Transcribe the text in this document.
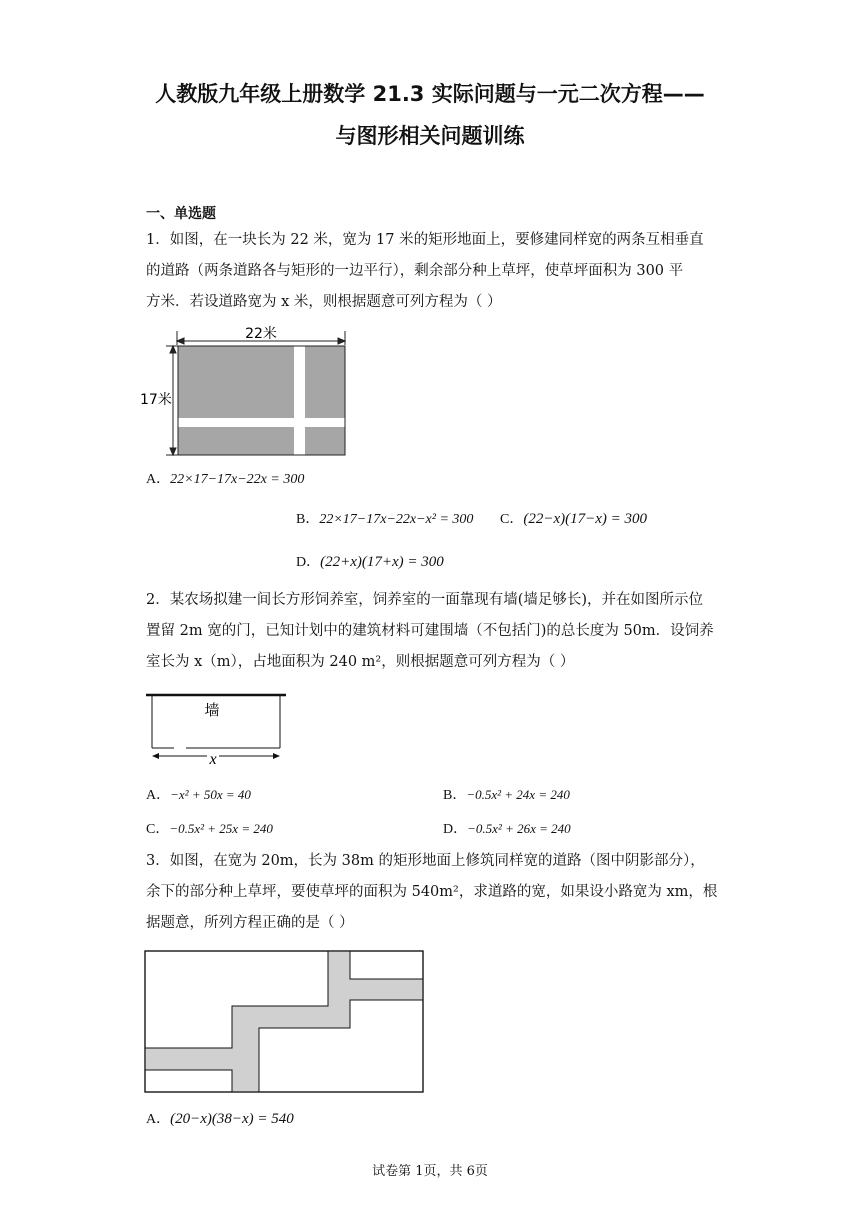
人教版九年级上册数学 21.3 实际问题与一元二次方程——
与图形相关问题训练
一、单选题
1．如图，在一块长为 22 米，宽为 17 米的矩形地面上，要修建同样宽的两条互相垂直
的道路（两条道路各与矩形的一边平行），剩余部分种上草坪，使草坪面积为 300 平
方米．若设道路宽为 x 米，则根据题意可列方程为（ ）
22米
17米
A．22×17−17x−22x = 300
B．22×17−17x−22x−x² = 300 C．(22−x)(17−x) = 300
D．(22+x)(17+x) = 300
2．某农场拟建一间长方形饲养室，饲养室的一面靠现有墙(墙足够长)，并在如图所示位
置留 2m 宽的门，已知计划中的建筑材料可建围墙（不包括门)的总长度为 50m．设饲养
室长为 x（m），占地面积为 240 m²，则根据题意可列方程为（ ）
墙
x
A．−x² + 50x = 40	B．−0.5x² + 24x = 240
C．−0.5x² + 25x = 240	D．−0.5x² + 26x = 240
3．如图，在宽为 20m，长为 38m 的矩形地面上修筑同样宽的道路（图中阴影部分），
余下的部分种上草坪，要使草坪的面积为 540m²，求道路的宽，如果设小路宽为 xm，根
据题意，所列方程正确的是（ ）
A．(20−x)(38−x) = 540
试卷第 1页，共 6页
